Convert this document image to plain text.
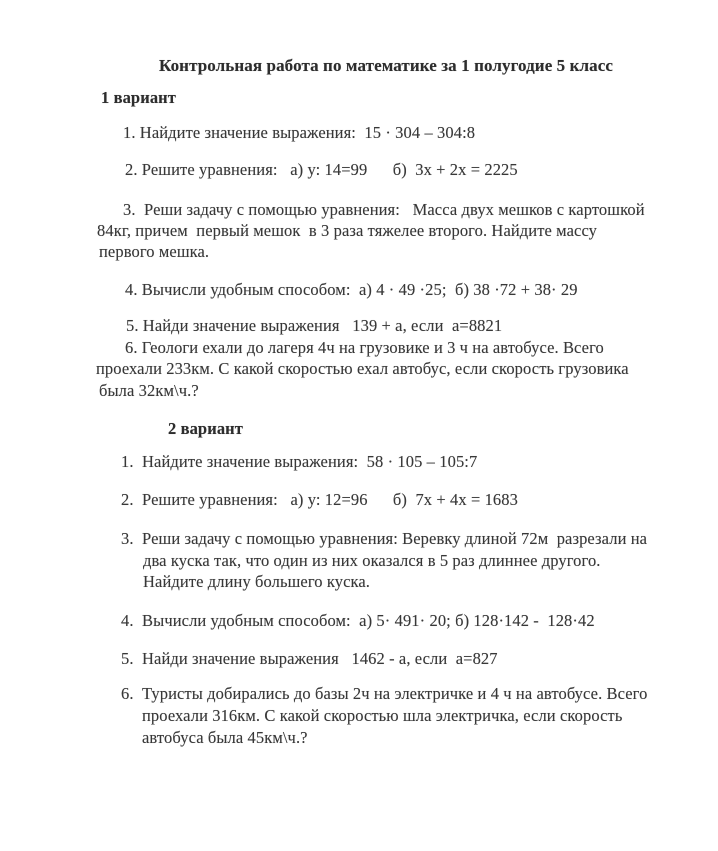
Контрольная работа по математике за 1 полугодие 5 класс
1 вариант
1. Найдите значение выражения:  15 · 304 – 304:8
2. Решите уравнения:   а) у: 14=99      б)  3х + 2х = 2225
3.  Реши задачу с помощью уравнения:   Масса двух мешков с картошкой
84кг, причем  первый мешок  в 3 раза тяжелее второго. Найдите массу
первого мешка.
4. Вычисли удобным способом:  а) 4 · 49 ·25;  б) 38 ·72 + 38· 29
5. Найди значение выражения   139 + а, если  а=8821
6. Геологи ехали до лагеря 4ч на грузовике и 3 ч на автобусе. Всего
проехали 233км. С какой скоростью ехал автобус, если скорость грузовика
была 32км\ч.?
2 вариант
1.  Найдите значение выражения:  58 · 105 – 105:7
2.  Решите уравнения:   а) у: 12=96      б)  7х + 4х = 1683
3.  Реши задачу с помощью уравнения: Веревку длиной 72м  разрезали на
два куска так, что один из них оказался в 5 раз длиннее другого.
Найдите длину большего куска.
4.  Вычисли удобным способом:  а) 5· 491· 20; б) 128·142 -  128·42
5.  Найди значение выражения   1462 - а, если  а=827
6.  Туристы добирались до базы 2ч на электричке и 4 ч на автобусе. Всего
проехали 316км. С какой скоростью шла электричка, если скорость
автобуса была 45км\ч.?
